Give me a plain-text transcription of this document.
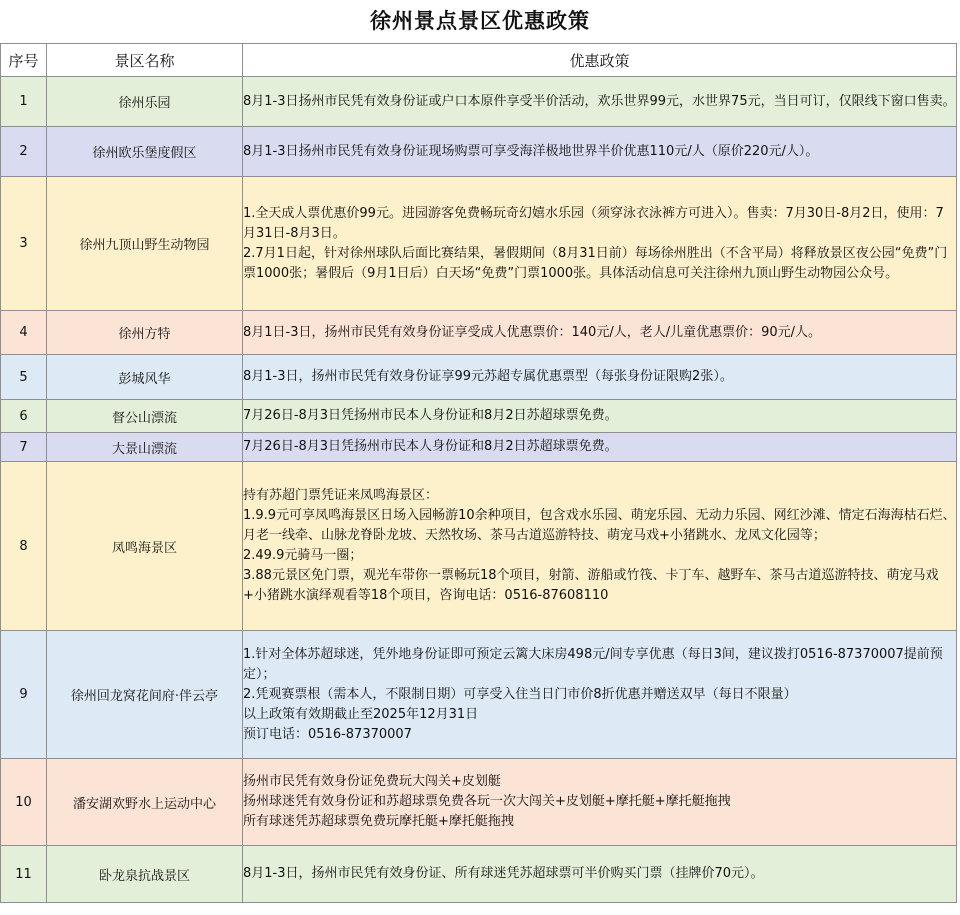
徐州景点景区优惠政策
序号	景区名称	优惠政策
1	徐州乐园	8月1-3日扬州市民凭有效身份证或户口本原件享受半价活动，欢乐世界99元，水世界75元，当日可订，仅限线下窗口售卖。

2	徐州欧乐堡度假区	8月1-3日扬州市民凭有效身份证现场购票可享受海洋极地世界半价优惠110元/人（原价220元/人）。

3	徐州九顶山野生动物园	1.全天成人票优惠价99元。进园游客免费畅玩奇幻嬉水乐园（须穿泳衣泳裤方可进入）。售卖：7月30日-8月2日，使用：7月31日-8月3日。
2.7月1日起，针对徐州球队后面比赛结果，暑假期间（8月31日前）每场徐州胜出（不含平局）将释放景区夜公园“免费”门票1000张；暑假后（9月1日后）白天场“免费”门票1000张。具体活动信息可关注徐州九顶山野生动物园公众号。

4	徐州方特	8月1日-3日，扬州市民凭有效身份证享受成人优惠票价：140元/人，老人/儿童优惠票价：90元/人。

5	彭城风华	8月1-3日，扬州市民凭有效身份证享99元苏超专属优惠票型（每张身份证限购2张）。

6	督公山漂流	7月26日-8月3日凭扬州市民本人身份证和8月2日苏超球票免费。

7	大景山漂流	7月26日-8月3日凭扬州市民本人身份证和8月2日苏超球票免费。

8	凤鸣海景区	持有苏超门票凭证来凤鸣海景区：
1.9.9元可享凤鸣海景区日场入园畅游10余种项目，包含戏水乐园、萌宠乐园、无动力乐园、网红沙滩、情定石海海枯石烂、月老一线牵、山脉龙脊卧龙坡、天然牧场、茶马古道巡游特技、萌宠马戏+小猪跳水、龙凤文化园等；
2.49.9元骑马一圈；
3.88元景区免门票，观光车带你一票畅玩18个项目，射箭、游船或竹筏、卡丁车、越野车、茶马古道巡游特技、萌宠马戏+小猪跳水演绎观看等18个项目，咨询电话：0516-87608110

9	徐州回龙窝花间府·伴云亭	1.针对全体苏超球迷，凭外地身份证即可预定云篱大床房498元/间专享优惠（每日3间，建议拨打0516-87370007提前预定）；
2.凭观赛票根（需本人，不限制日期）可享受入住当日门市价8折优惠并赠送双早（每日不限量）
以上政策有效期截止至2025年12月31日
预订电话：0516-87370007

10	潘安湖欢野水上运动中心	扬州市民凭有效身份证免费玩大闯关+皮划艇
扬州球迷凭有效身份证和苏超球票免费各玩一次大闯关+皮划艇+摩托艇+摩托艇拖拽
所有球迷凭苏超球票免费玩摩托艇+摩托艇拖拽

11	卧龙泉抗战景区	8月1-3日，扬州市民凭有效身份证、所有球迷凭苏超球票可半价购买门票（挂牌价70元）。
